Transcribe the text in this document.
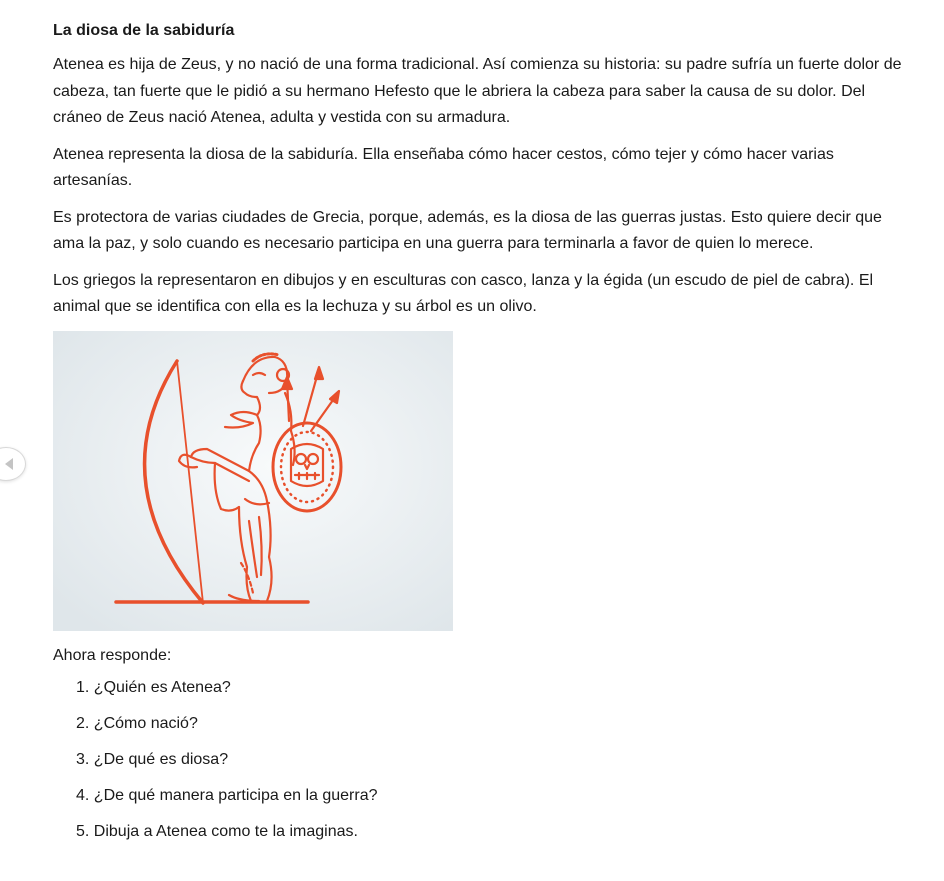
La diosa de la sabiduría

Atenea es hija de Zeus, y no nació de una forma tradicional. Así comienza su historia: su padre sufría un fuerte dolor de cabeza, tan fuerte que le pidió a su hermano Hefesto que le abriera la cabeza para saber la causa de su dolor. Del cráneo de Zeus nació Atenea, adulta y vestida con su armadura.

Atenea representa la diosa de la sabiduría. Ella enseñaba cómo hacer cestos, cómo tejer y cómo hacer varias artesanías.

Es protectora de varias ciudades de Grecia, porque, además, es la diosa de las guerras justas. Esto quiere decir que ama la paz, y solo cuando es necesario participa en una guerra para terminarla a favor de quien lo merece.

Los griegos la representaron en dibujos y en esculturas con casco, lanza y la égida (un escudo de piel de cabra). El animal que se identifica con ella es la lechuza y su árbol es un olivo.

Ahora responde:

1. ¿Quién es Atenea?
2. ¿Cómo nació?
3. ¿De qué es diosa?
4. ¿De qué manera participa en la guerra?
5. Dibuja a Atenea como te la imaginas.
